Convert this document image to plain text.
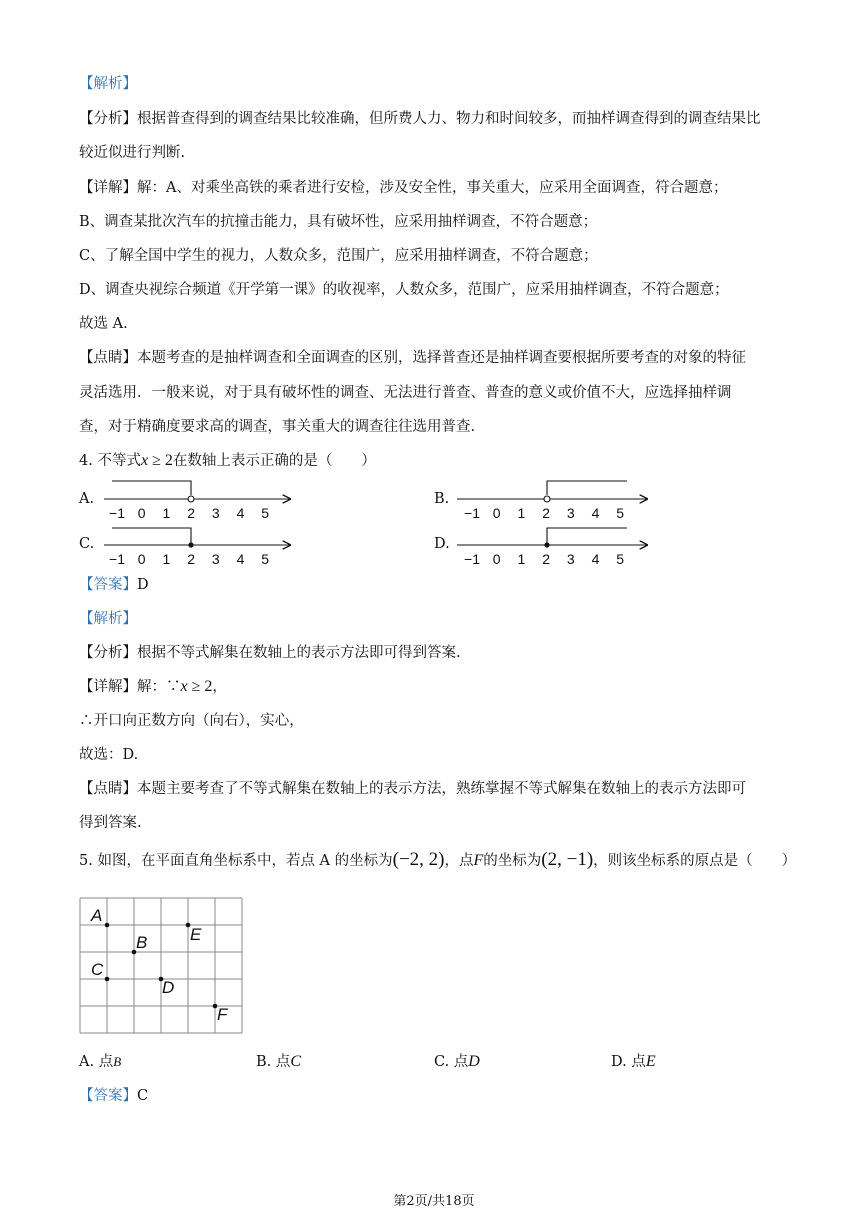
【解析】
【分析】根据普查得到的调查结果比较准确，但所费人力、物力和时间较多，而抽样调查得到的调查结果比
较近似进行判断.
【详解】解：A、对乘坐高铁的乘者进行安检，涉及安全性，事关重大，应采用全面调查，符合题意；
B、调查某批次汽车的抗撞击能力，具有破坏性，应采用抽样调查，不符合题意；
C、了解全国中学生的视力，人数众多，范围广，应采用抽样调查，不符合题意；
D、调查央视综合频道《开学第一课》的收视率，人数众多，范围广，应采用抽样调查，不符合题意；
故选 A.
【点睛】本题考查的是抽样调查和全面调查的区别，选择普查还是抽样调查要根据所要考查的对象的特征
灵活选用．一般来说，对于具有破坏性的调查、无法进行普查、普查的意义或价值不大，应选择抽样调
查，对于精确度要求高的调查，事关重大的调查往往选用普查.
4. 不等式x ≥ 2在数轴上表示正确的是（　　）
A.	B.
C.	D.
−1 0 1 2 3 4 5	−1 0 1 2 3 4 5
−1 0 1 2 3 4 5	−1 0 1 2 3 4 5
【答案】D
【解析】
【分析】根据不等式解集在数轴上的表示方法即可得到答案.
【详解】解：∵x ≥ 2，
∴开口向正数方向（向右），实心，
故选：D.
【点睛】本题主要考查了不等式解集在数轴上的表示方法，熟练掌握不等式解集在数轴上的表示方法即可
得到答案.
5. 如图，在平面直角坐标系中，若点 A 的坐标为(−2, 2)，点F的坐标为(2, −1)，则该坐标系的原点是（　　）
A
B
C
D
E
F
A. 点B	B. 点C	C. 点D	D. 点E
【答案】C
第2页/共18页
